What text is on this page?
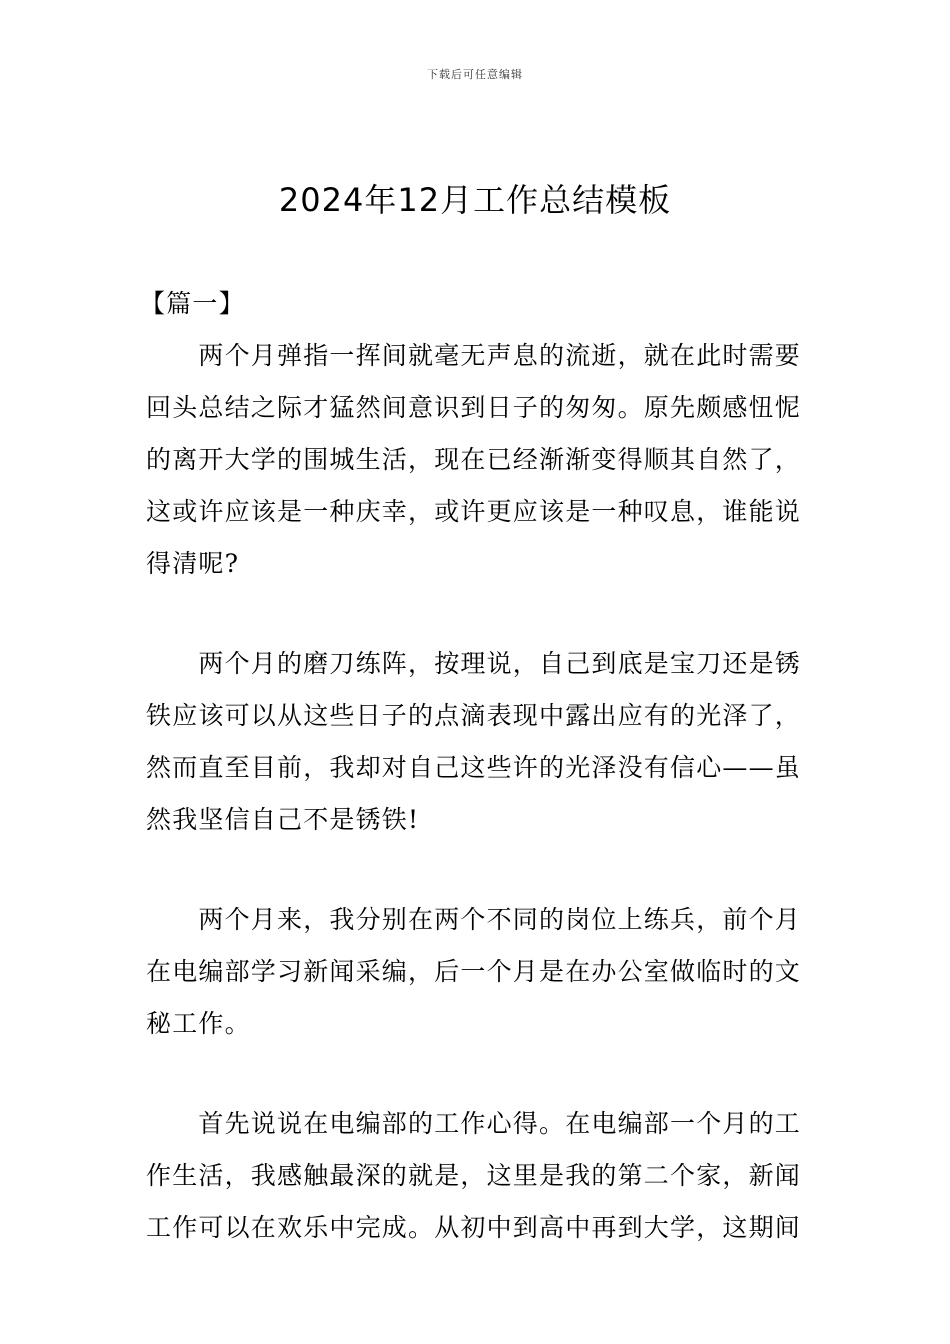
下载后可任意编辑
2024年12月工作总结模板
【篇一】
　　两个月弹指一挥间就毫无声息的流逝，就在此时需要
回头总结之际才猛然间意识到日子的匆匆。原先颇感忸怩
的离开大学的围城生活，现在已经渐渐变得顺其自然了，
这或许应该是一种庆幸，或许更应该是一种叹息，谁能说
得清呢?
　　两个月的磨刀练阵，按理说，自己到底是宝刀还是锈
铁应该可以从这些日子的点滴表现中露出应有的光泽了，
然而直至目前，我却对自己这些许的光泽没有信心——虽
然我坚信自己不是锈铁!
　　两个月来，我分别在两个不同的岗位上练兵，前个月
在电编部学习新闻采编，后一个月是在办公室做临时的文
秘工作。
　　首先说说在电编部的工作心得。在电编部一个月的工
作生活，我感触最深的就是，这里是我的第二个家，新闻
工作可以在欢乐中完成。从初中到高中再到大学，这期间
